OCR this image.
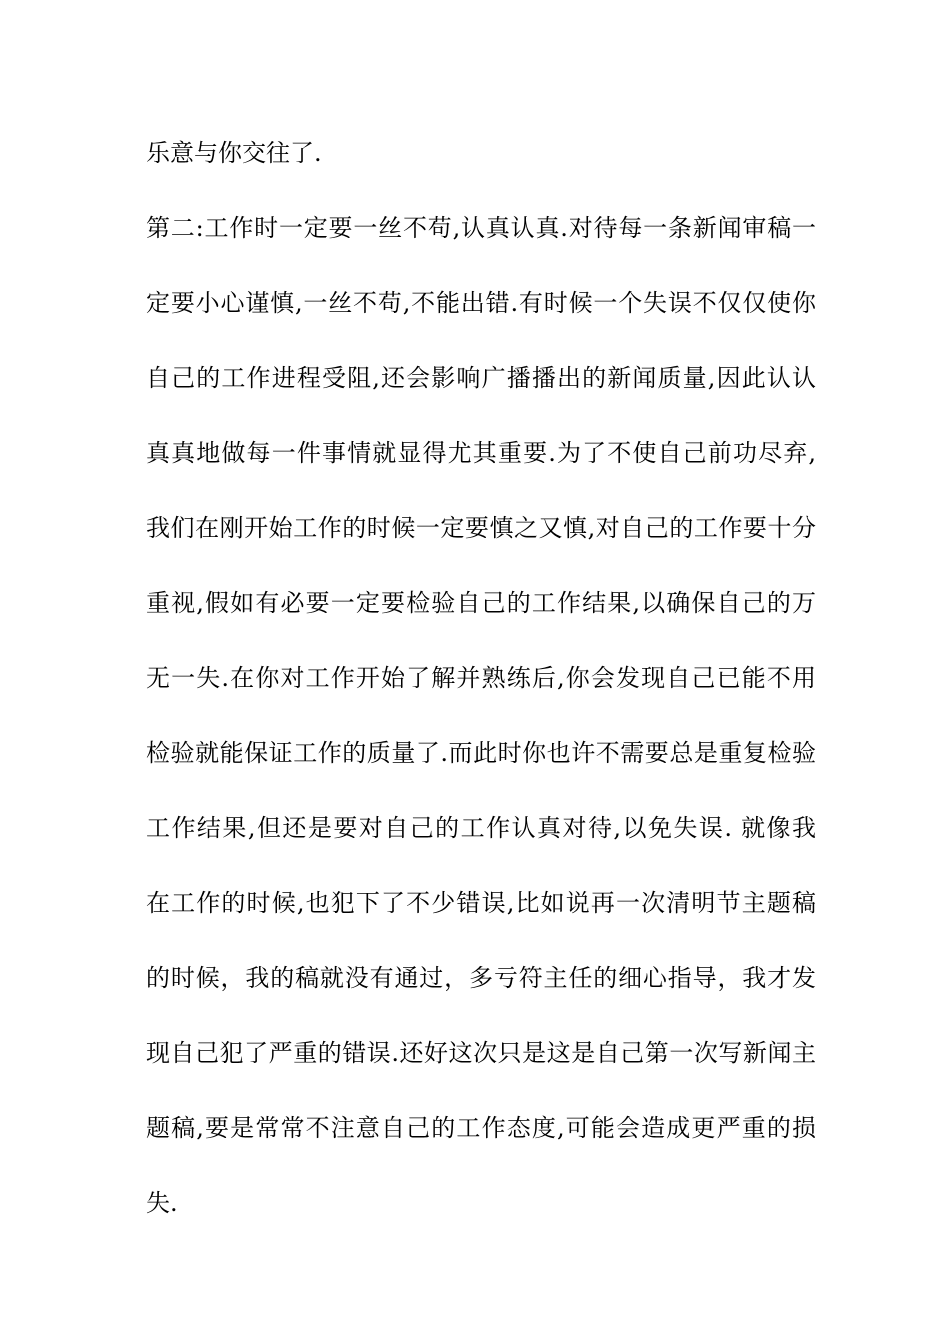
乐意与你交往了.
第二:工作时一定要一丝不苟,认真认真.对待每一条新闻审稿一
定要小心谨慎,一丝不苟,不能出错.有时候一个失误不仅仅使你
自己的工作进程受阻,还会影响广播播出的新闻质量,因此认认
真真地做每一件事情就显得尤其重要.为了不使自己前功尽弃,
我们在刚开始工作的时候一定要慎之又慎,对自己的工作要十分
重视,假如有必要一定要检验自己的工作结果,以确保自己的万
无一失.在你对工作开始了解并熟练后,你会发现自己已能不用
检验就能保证工作的质量了.而此时你也许不需要总是重复检验
工作结果,但还是要对自己的工作认真对待,以免失误. 就像我
在工作的时候,也犯下了不少错误,比如说再一次清明节主题稿
的时候，我的稿就没有通过，多亏符主任的细心指导，我才发
现自己犯了严重的错误.还好这次只是这是自己第一次写新闻主
题稿,要是常常不注意自己的工作态度,可能会造成更严重的损
失.
